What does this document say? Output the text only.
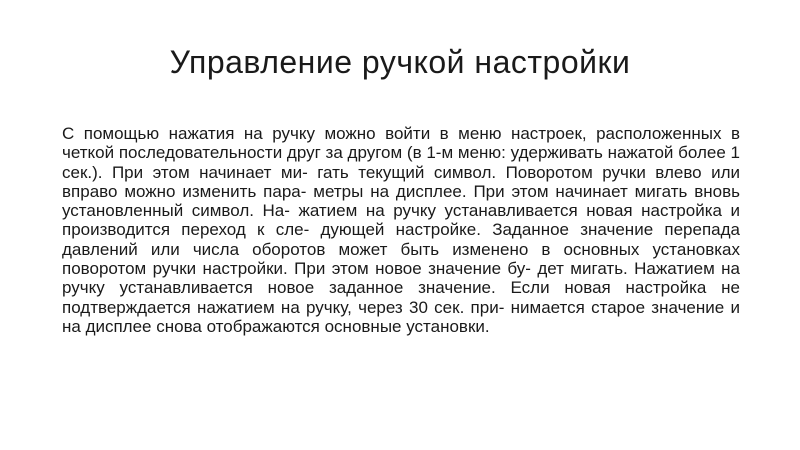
Управление ручкой настройки

С помощью нажатия на ручку можно войти в меню настроек, расположенных в четкой последовательности друг за другом (в 1-м меню: удерживать нажатой более 1 сек.). При этом начинает ми- гать текущий символ. Поворотом ручки влево или вправо можно изменить пара- метры на дисплее. При этом начинает мигать вновь установленный символ. На- жатием на ручку устанавливается новая настройка и производится переход к сле- дующей настройке. Заданное значение перепада давлений или числа оборотов может быть изменено в основных установках поворотом ручки настройки. При этом новое значение бу- дет мигать. Нажатием на ручку устанавливается новое заданное значение. Если новая настройка не подтверждается нажатием на ручку, через 30 сек. при- нимается старое значение и на дисплее снова отображаются основные установки.
